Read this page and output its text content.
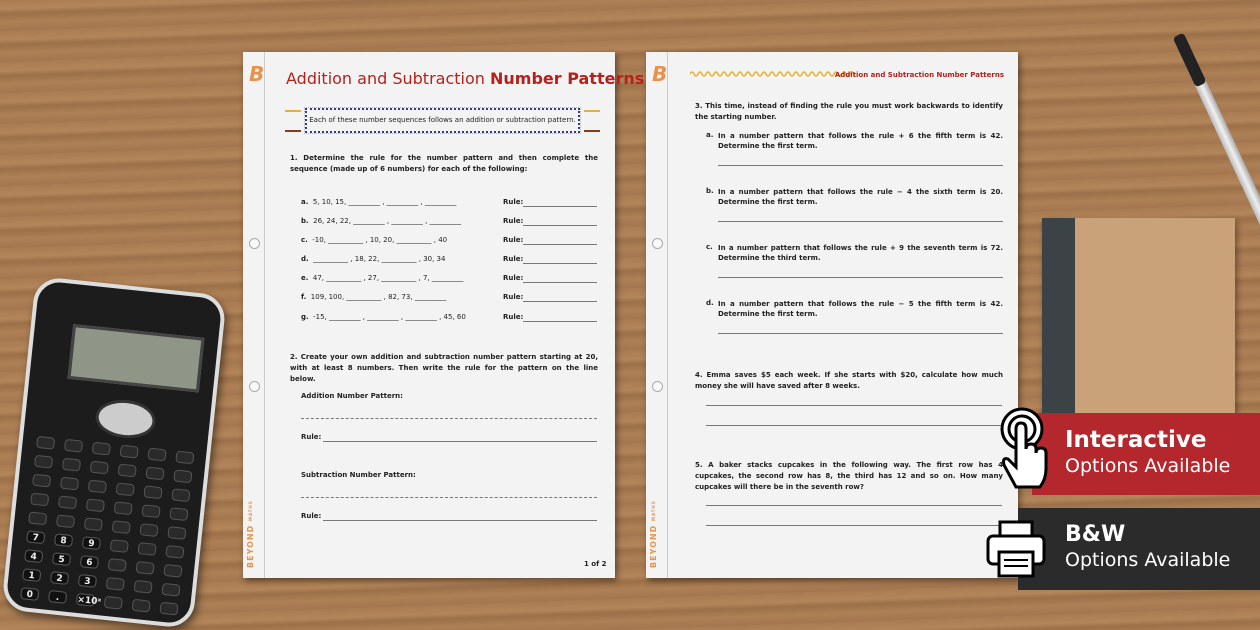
7	8	9
4	5	6
1	2	3
0	.	×10ˣ
B Addition and Subtraction Number Patterns
Each of these number sequences follows an addition or subtraction pattern.
1. Determine the rule for the number pattern and then complete the sequence (made up of 6 numbers) for each of the following:
a. 5, 10, 15, _________ , _________ , _________	Rule:
b. 26, 24, 22, _________ , _________ , _________	Rule:
c. -10, __________ , 10, 20, __________ , 40	Rule:
d. __________ , 18, 22, __________ , 30, 34	Rule:
e. 47, __________ , 27, __________ , 7, _________	Rule:
f. 109, 100, __________ , 82, 73, _________	Rule:
g. -15, _________ , _________ , _________ , 45, 60	Rule:
2. Create your own addition and subtraction number pattern starting at 20, with at least 8 numbers. Then write the rule for the pattern on the line below.
Addition Number Pattern:
Rule:
Subtraction Number Pattern:
Rule:
1 of 2
BEYONDMATHS
B	Addition and Subtraction Number Patterns
3. This time, instead of finding the rule you must work backwards to identify the starting number.
a. In a number pattern that follows the rule + 6 the fifth term is 42.
Determine the first term.
b. In a number pattern that follows the rule − 4 the sixth term is 20.
Determine the first term.
c. In a number pattern that follows the rule + 9 the seventh term is 72.
Determine the third term.
d. In a number pattern that follows the rule − 5 the fifth term is 42.
Determine the first term.
4. Emma saves $5 each week. If she starts with $20, calculate how much money she will have saved after 8 weeks.
5. A baker stacks cupcakes in the following way. The first row has 4 cupcakes, the second row has 8, the third has 12 and so on. How many cupcakes will there be in the seventh row?
BEYONDMATHS
Interactive
Options Available
B&W
Options Available
